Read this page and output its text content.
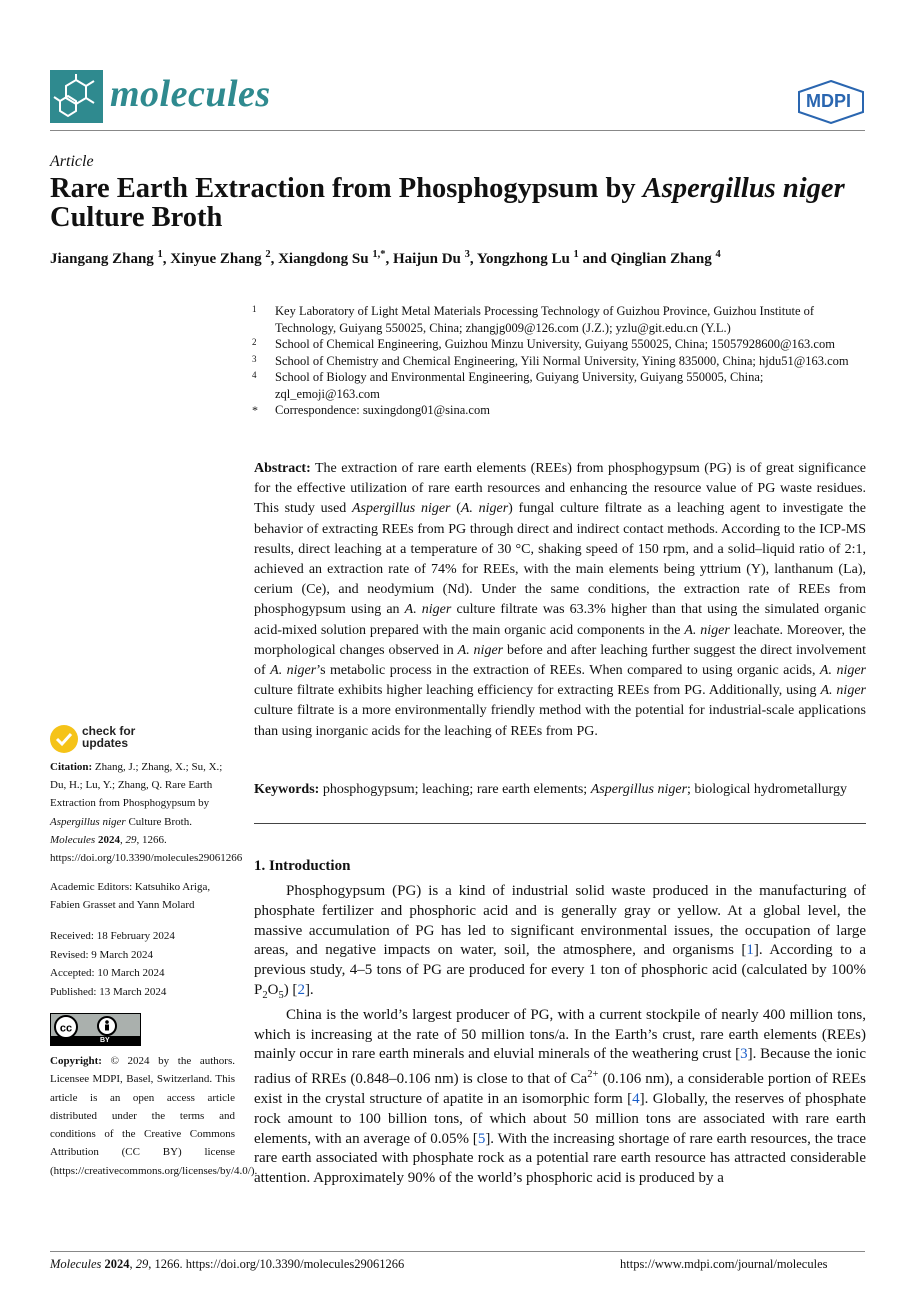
molecules	MDPI
Article
Rare Earth Extraction from Phosphogypsum by Aspergillus niger
Culture Broth
Jiangang Zhang $^1$, Xinyue Zhang $^2$, Xiangdong Su $^{1,*}$, Haijun Du $^3$, Yongzhong Lu $^1$ and Qinglian Zhang $^4$
1 Key Laboratory of Light Metal Materials Processing Technology of Guizhou Province, Guizhou Institute of Technology, Guiyang 550025, China; zhangjg009@126.com (J.Z.); yzlu@git.edu.cn (Y.L.)
2 School of Chemical Engineering, Guizhou Minzu University, Guiyang 550025, China; 15057928600@163.com
3 School of Chemistry and Chemical Engineering, Yili Normal University, Yining 835000, China; hjdu51@163.com
4 School of Biology and Environmental Engineering, Guiyang University, Guiyang 550005, China; zql_emoji@163.com
* Correspondence: suxingdong01@sina.com
Abstract: The extraction of rare earth elements (REEs) from phosphogypsum (PG) is of great significance for the effective utilization of rare earth resources and enhancing the resource value of PG waste residues. This study used Aspergillus niger (A. niger) fungal culture filtrate as a leaching agent to investigate the behavior of extracting REEs from PG through direct and indirect contact methods. According to the ICP-MS results, direct leaching at a temperature of 30 °C, shaking speed of 150 rpm, and a solid–liquid ratio of 2:1, achieved an extraction rate of 74% for REEs, with the main elements being yttrium (Y), lanthanum (La), cerium (Ce), and neodymium (Nd). Under the same conditions, the extraction rate of REEs from phosphogypsum using an A. niger culture filtrate was 63.3% higher than that using the simulated organic acid-mixed solution prepared with the main organic acid components in the A. niger leachate. Moreover, the morphological changes observed in A. niger before and after leaching further suggest the direct involvement of A. niger’s metabolic process in the extraction of REEs. When compared to using organic acids, A. niger culture filtrate exhibits higher leaching efficiency for extracting REEs from PG. Additionally, using A. niger culture filtrate is a more environmentally friendly method with the potential for industrial-scale applications than using inorganic acids for the leaching of REEs from PG.
Keywords: phosphogypsum; leaching; rare earth elements; Aspergillus niger; biological hydrometallurgy
1. Introduction

Phosphogypsum (PG) is a kind of industrial solid waste produced in the manufacturing of phosphate fertilizer and phosphoric acid and is generally gray or yellow. At a global level, the massive accumulation of PG has led to significant environmental issues, the occupation of large areas, and negative impacts on water, soil, the atmosphere, and organisms [1]. According to a previous study, 4–5 tons of PG are produced for every 1 ton of phosphoric acid (calculated by 100% $P_2O_5$) [2].

China is the world’s largest producer of PG, with a current stockpile of nearly 400 million tons, which is increasing at the rate of 50 million tons/a. In the Earth’s crust, rare earth elements (REEs) mainly occur in rare earth minerals and eluvial minerals of the weathering crust [3]. Because the ionic radius of RREs (0.848–0.106 nm) is close to that of $Ca^{2+}$ (0.106 nm), a considerable portion of REEs exist in the crystal structure of apatite in an isomorphic form [4]. Globally, the reserves of phosphate rock amount to 100 billion tons, of which about 50 million tons are associated with rare earth elements, with an average of 0.05% [5]. With the increasing shortage of rare earth resources, the trace rare earth associated with phosphate rock as a potential rare earth resource has attracted considerable attention. Approximately 90% of the world’s phosphoric acid is produced by a

check for
updates
Citation: Zhang, J.; Zhang, X.; Su, X.; Du, H.; Lu, Y.; Zhang, Q. Rare Earth Extraction from Phosphogypsum by Aspergillus niger Culture Broth. Molecules 2024, 29, 1266. https://doi.org/10.3390/molecules29061266
Academic Editors: Katsuhiko Ariga, Fabien Grasset and Yann Molard
Received: 18 February 2024
Revised: 9 March 2024
Accepted: 10 March 2024
Published: 13 March 2024
cc
BY
Copyright: © 2024 by the authors. Licensee MDPI, Basel, Switzerland. This article is an open access article distributed under the terms and conditions of the Creative Commons Attribution (CC BY) license (https://creativecommons.org/licenses/by/4.0/).
Molecules 2024, 29, 1266. https://doi.org/10.3390/molecules29061266	https://www.mdpi.com/journal/molecules
